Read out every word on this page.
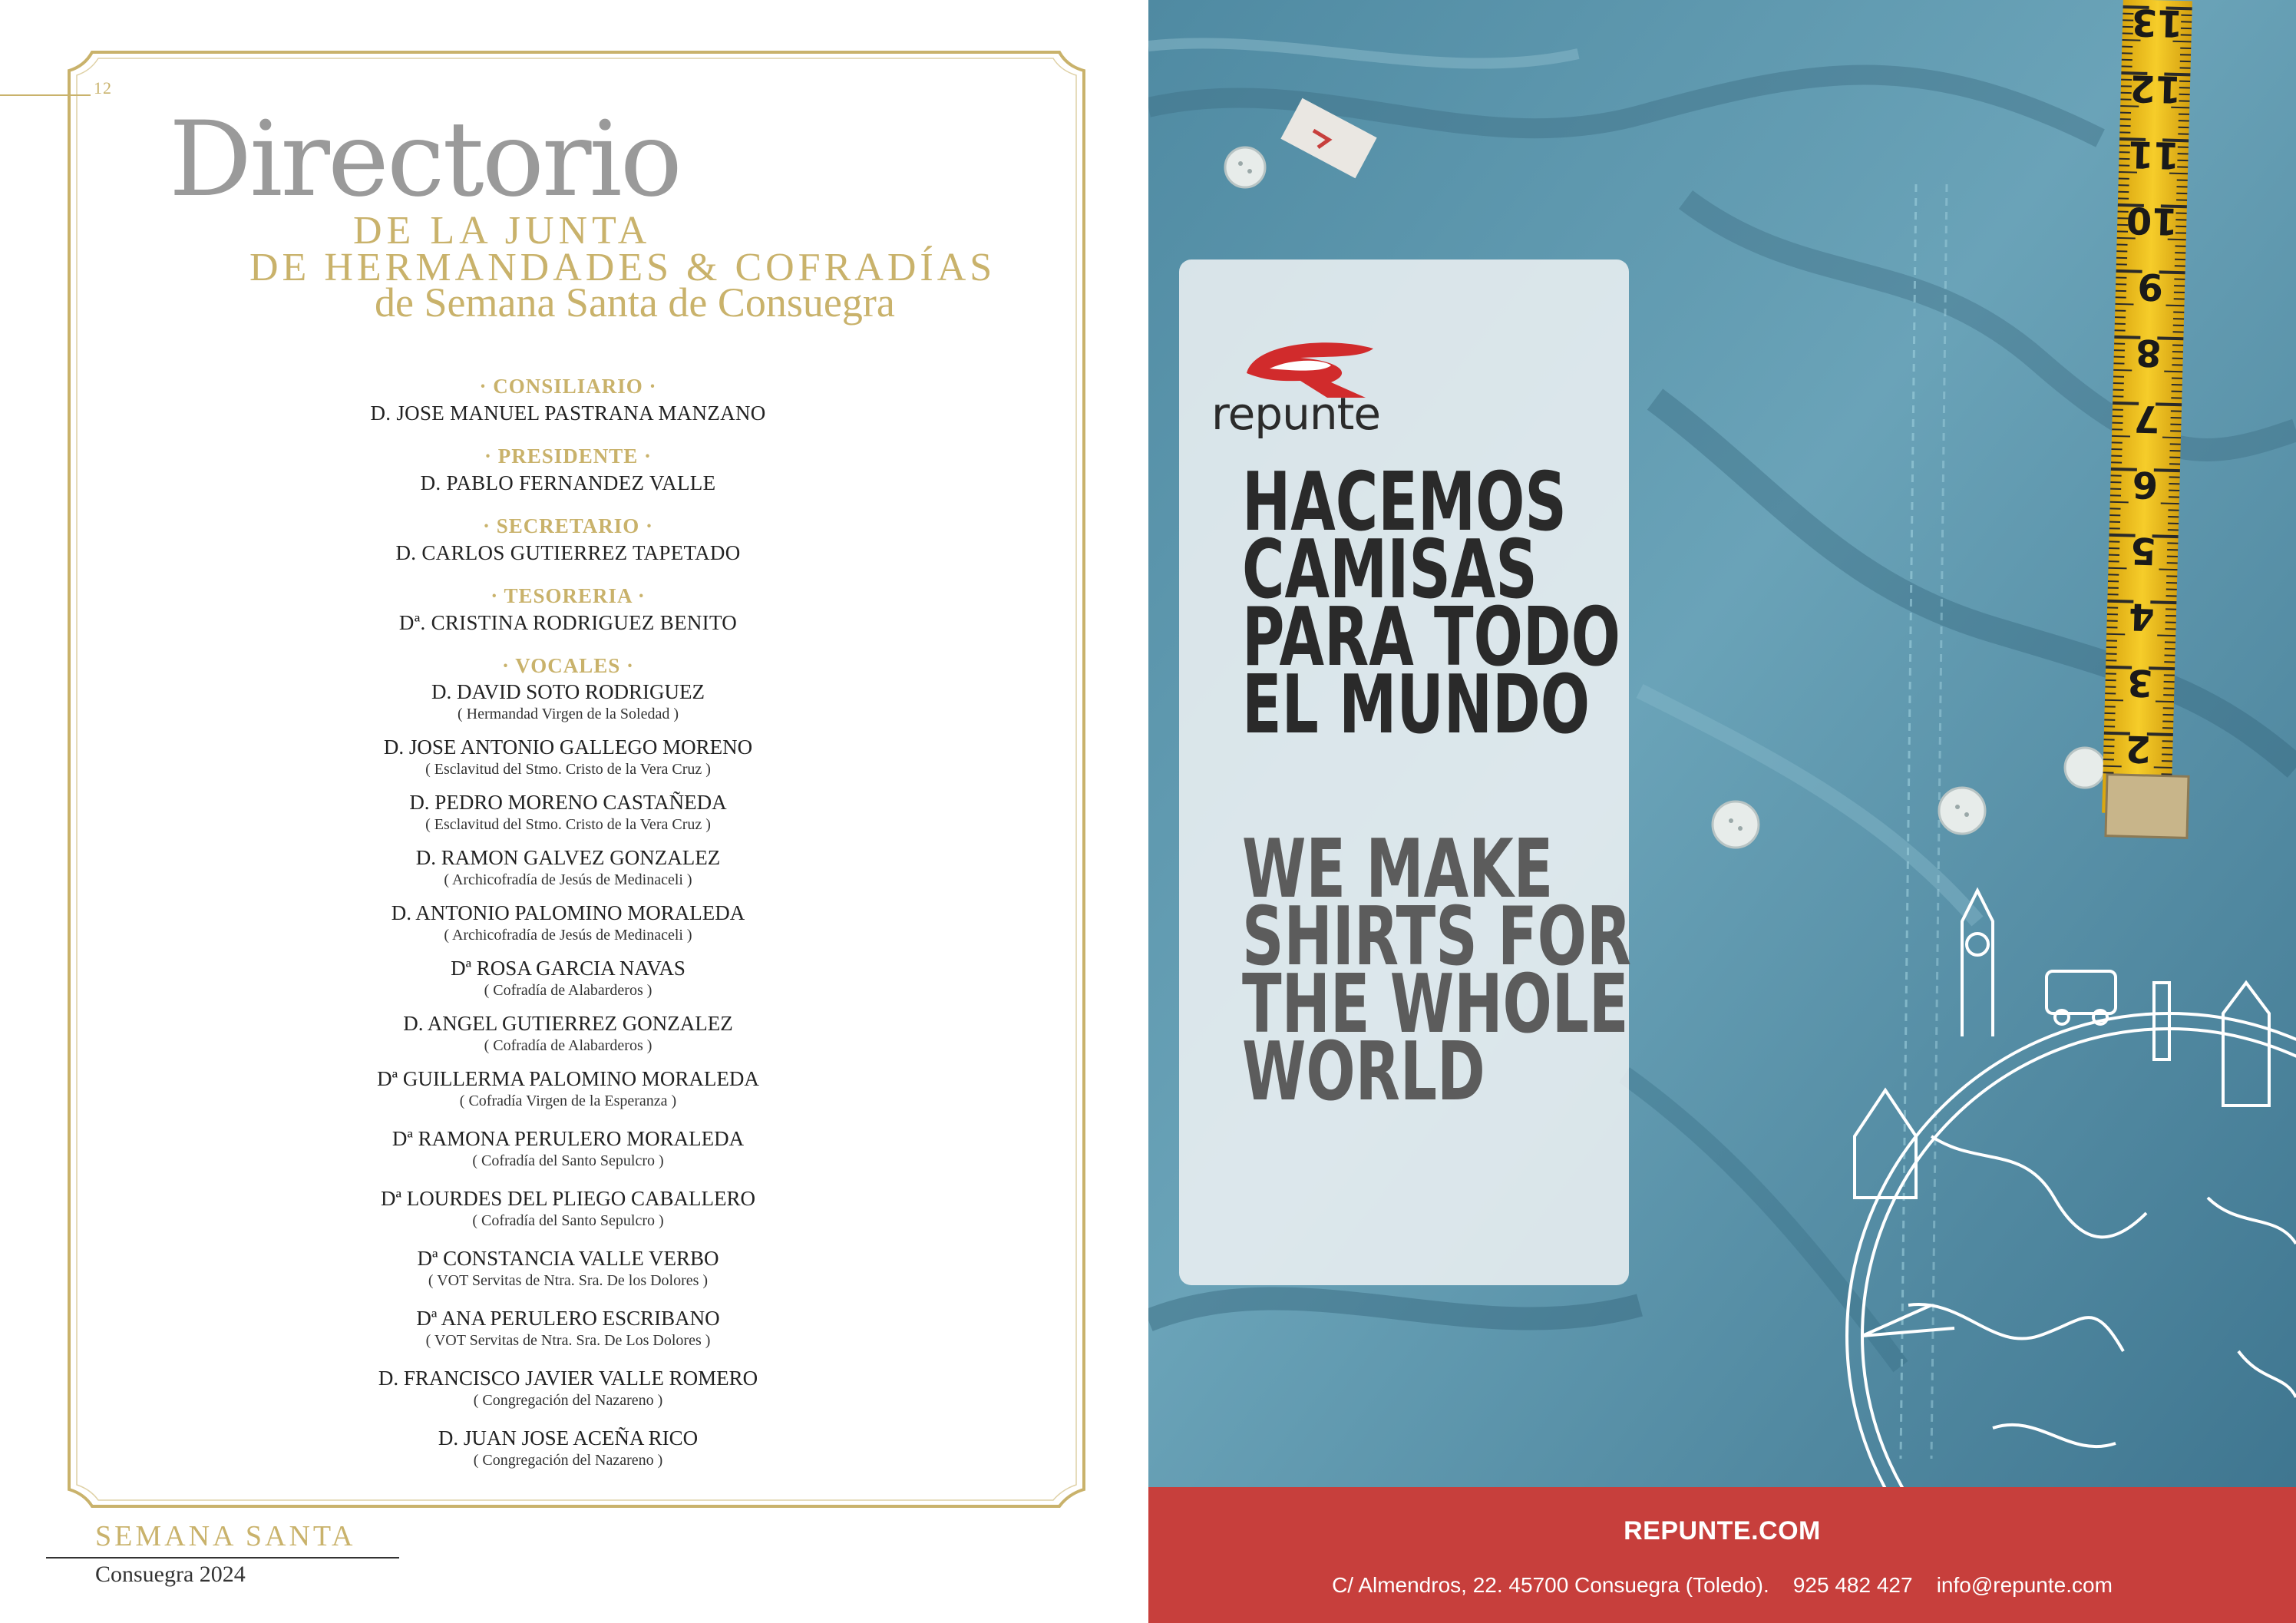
12
Directorio
DE LA JUNTA
DE HERMANDADES & COFRADÍAS
de Semana Santa de Consuegra
· CONSILIARIO ·
D. JOSE MANUEL PASTRANA MANZANO
· PRESIDENTE ·
D. PABLO FERNANDEZ VALLE
· SECRETARIO ·
D. CARLOS GUTIERREZ TAPETADO
· TESORERIA ·
Dª. CRISTINA RODRIGUEZ BENITO
· VOCALES ·
D. DAVID SOTO RODRIGUEZ
( Hermandad Virgen de la Soledad )
D. JOSE ANTONIO GALLEGO MORENO
( Esclavitud del Stmo. Cristo de la Vera Cruz )
D. PEDRO MORENO CASTAÑEDA
( Esclavitud del Stmo. Cristo de la Vera Cruz )
D. RAMON GALVEZ GONZALEZ
( Archicofradía de Jesús de Medinaceli )
D. ANTONIO PALOMINO MORALEDA
( Archicofradía de Jesús de Medinaceli )
Dª ROSA GARCIA NAVAS
( Cofradía de Alabarderos )
D. ANGEL GUTIERREZ GONZALEZ
( Cofradía de Alabarderos )
Dª GUILLERMA PALOMINO MORALEDA
( Cofradía Virgen de la Esperanza )
Dª RAMONA PERULERO MORALEDA
( Cofradía del Santo Sepulcro )
Dª LOURDES DEL PLIEGO CABALLERO
( Cofradía del Santo Sepulcro )
Dª CONSTANCIA VALLE VERBO
( VOT Servitas de Ntra. Sra. De los Dolores )
Dª ANA PERULERO ESCRIBANO
( VOT Servitas de Ntra. Sra. De Los Dolores )
D. FRANCISCO JAVIER VALLE ROMERO
( Congregación del Nazareno )
D. JUAN JOSE ACEÑA RICO
( Congregación del Nazareno )
SEMANA SANTA
Consuegra 2024
13
12
11
10
9
8
7
6
5
4
3
2
repunte
HACEMOS
CAMISAS
PARA TODO
EL MUNDO
WE MAKE
SHIRTS FOR
THE WHOLE
WORLD
REPUNTE.COM
C/ Almendros, 22. 45700 Consuegra (Toledo).    925 482 427    info@repunte.com
